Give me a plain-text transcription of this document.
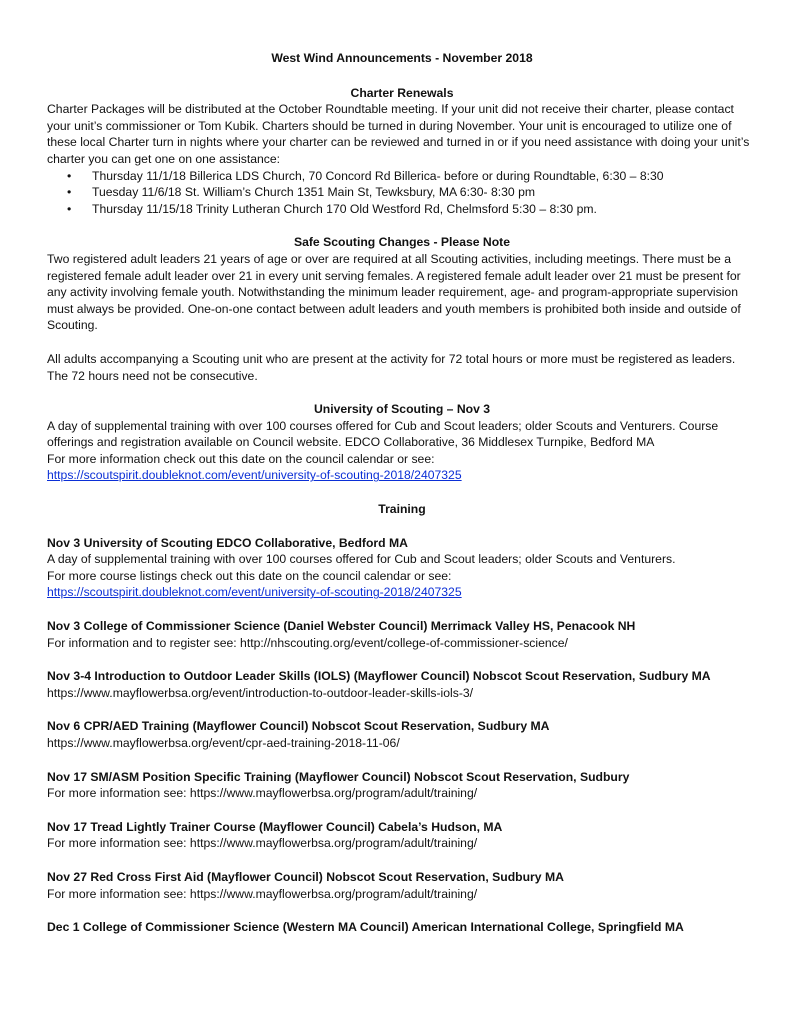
West Wind Announcements - November 2018
Charter Renewals

Charter Packages will be distributed at the October Roundtable meeting. If your unit did not receive their charter, please contact your unit’s commissioner or Tom Kubik. Charters should be turned in during November. Your unit is encouraged to utilize one of these local Charter turn in nights where your charter can be reviewed and turned in or if you need assistance with doing your unit’s charter you can get one on one assistance:

• Thursday 11/1/18 Billerica LDS Church, 70 Concord Rd Billerica- before or during Roundtable, 6:30 – 8:30
• Tuesday 11/6/18 St. William’s Church 1351 Main St, Tewksbury, MA 6:30- 8:30 pm
• Thursday 11/15/18 Trinity Lutheran Church 170 Old Westford Rd, Chelmsford 5:30 – 8:30 pm.
Safe Scouting Changes - Please Note

Two registered adult leaders 21 years of age or over are required at all Scouting activities, including meetings. There must be a registered female adult leader over 21 in every unit serving females. A registered female adult leader over 21 must be present for any activity involving female youth. Notwithstanding the minimum leader requirement, age- and program-appropriate supervision must always be provided. One-on-one contact between adult leaders and youth members is prohibited both inside and outside of Scouting.

All adults accompanying a Scouting unit who are present at the activity for 72 total hours or more must be registered as leaders. The 72 hours need not be consecutive.

University of Scouting – Nov 3

A day of supplemental training with over 100 courses offered for Cub and Scout leaders; older Scouts and Venturers. Course offerings and registration available on Council website. EDCO Collaborative, 36 Middlesex Turnpike, Bedford MA

For more information check out this date on the council calendar or see:

https://scoutspirit.doubleknot.com/event/university-of-scouting-2018/2407325

Training

Nov 3 University of Scouting EDCO Collaborative, Bedford MA

A day of supplemental training with over 100 courses offered for Cub and Scout leaders; older Scouts and Venturers.

For more course listings check out this date on the council calendar or see:

https://scoutspirit.doubleknot.com/event/university-of-scouting-2018/2407325

Nov 3 College of Commissioner Science (Daniel Webster Council) Merrimack Valley HS, Penacook NH

For information and to register see: http://nhscouting.org/event/college-of-commissioner-science/

Nov 3-4 Introduction to Outdoor Leader Skills (IOLS) (Mayflower Council) Nobscot Scout Reservation, Sudbury MA

https://www.mayflowerbsa.org/event/introduction-to-outdoor-leader-skills-iols-3/

Nov 6 CPR/AED Training (Mayflower Council) Nobscot Scout Reservation, Sudbury MA

https://www.mayflowerbsa.org/event/cpr-aed-training-2018-11-06/

Nov 17 SM/ASM Position Specific Training (Mayflower Council) Nobscot Scout Reservation, Sudbury

For more information see: https://www.mayflowerbsa.org/program/adult/training/

Nov 17 Tread Lightly Trainer Course (Mayflower Council) Cabela’s Hudson, MA

For more information see: https://www.mayflowerbsa.org/program/adult/training/

Nov 27 Red Cross First Aid (Mayflower Council) Nobscot Scout Reservation, Sudbury MA

For more information see: https://www.mayflowerbsa.org/program/adult/training/

Dec 1 College of Commissioner Science (Western MA Council) American International College, Springfield MA
